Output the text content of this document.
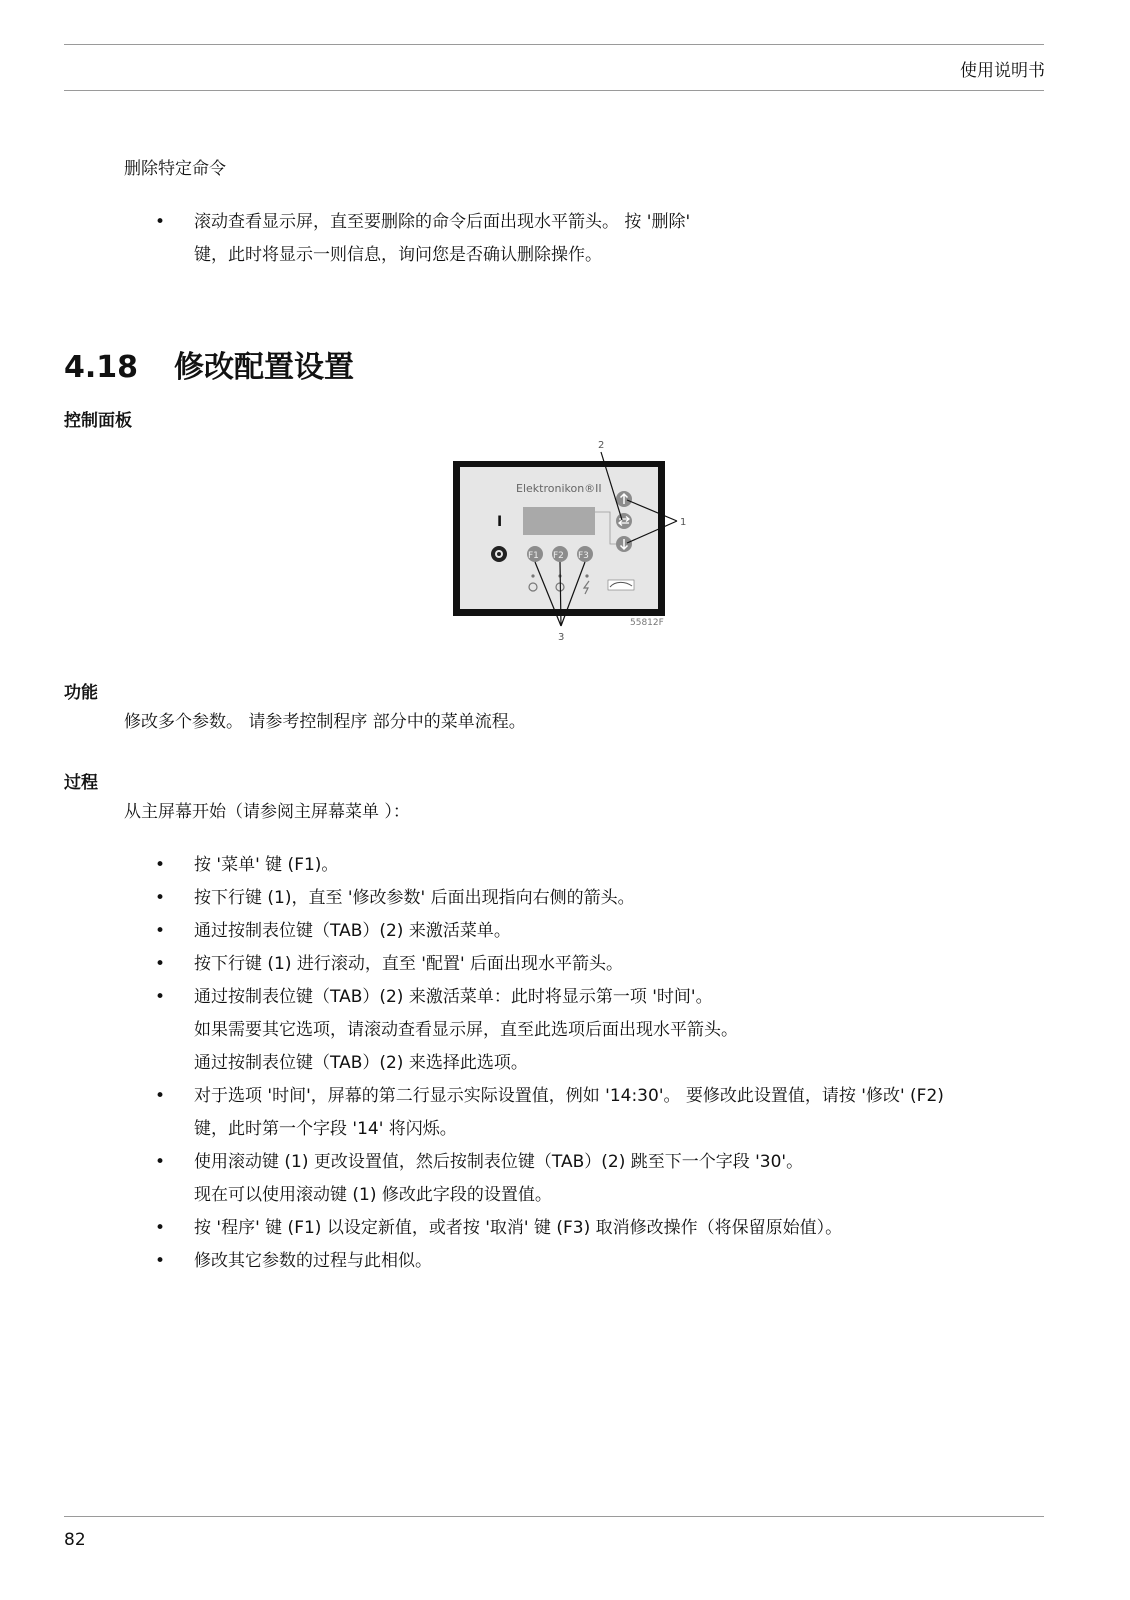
使用说明书
删除特定命令
• 滚动查看显示屏，直至要删除的命令后面出现水平箭头。 按 '删除'
键，此时将显示一则信息，询问您是否确认删除操作。
4.18 修改配置设置
控制面板
Elektronikon®II
I
F1 F2 F3
2
1
3
55812F
功能
修改多个参数。 请参考控制程序 部分中的菜单流程。
过程
从主屏幕开始（请参阅主屏幕菜单 ）：
• 按 '菜单' 键 (F1)。
• 按下行键 (1)，直至 '修改参数' 后面出现指向右侧的箭头。
• 通过按制表位键（TAB）(2) 来激活菜单。
• 按下行键 (1) 进行滚动，直至 '配置' 后面出现水平箭头。
• 通过按制表位键（TAB）(2) 来激活菜单：此时将显示第一项 '时间'。
如果需要其它选项，请滚动查看显示屏，直至此选项后面出现水平箭头。
通过按制表位键（TAB）(2) 来选择此选项。
• 对于选项 '时间'，屏幕的第二行显示实际设置值，例如 '14:30'。 要修改此设置值，请按 '修改' (F2)
键，此时第一个字段 '14' 将闪烁。
• 使用滚动键 (1) 更改设置值，然后按制表位键（TAB）(2) 跳至下一个字段 '30'。
现在可以使用滚动键 (1) 修改此字段的设置值。
• 按 '程序' 键 (F1) 以设定新值，或者按 '取消' 键 (F3) 取消修改操作（将保留原始值）。
• 修改其它参数的过程与此相似。
82
